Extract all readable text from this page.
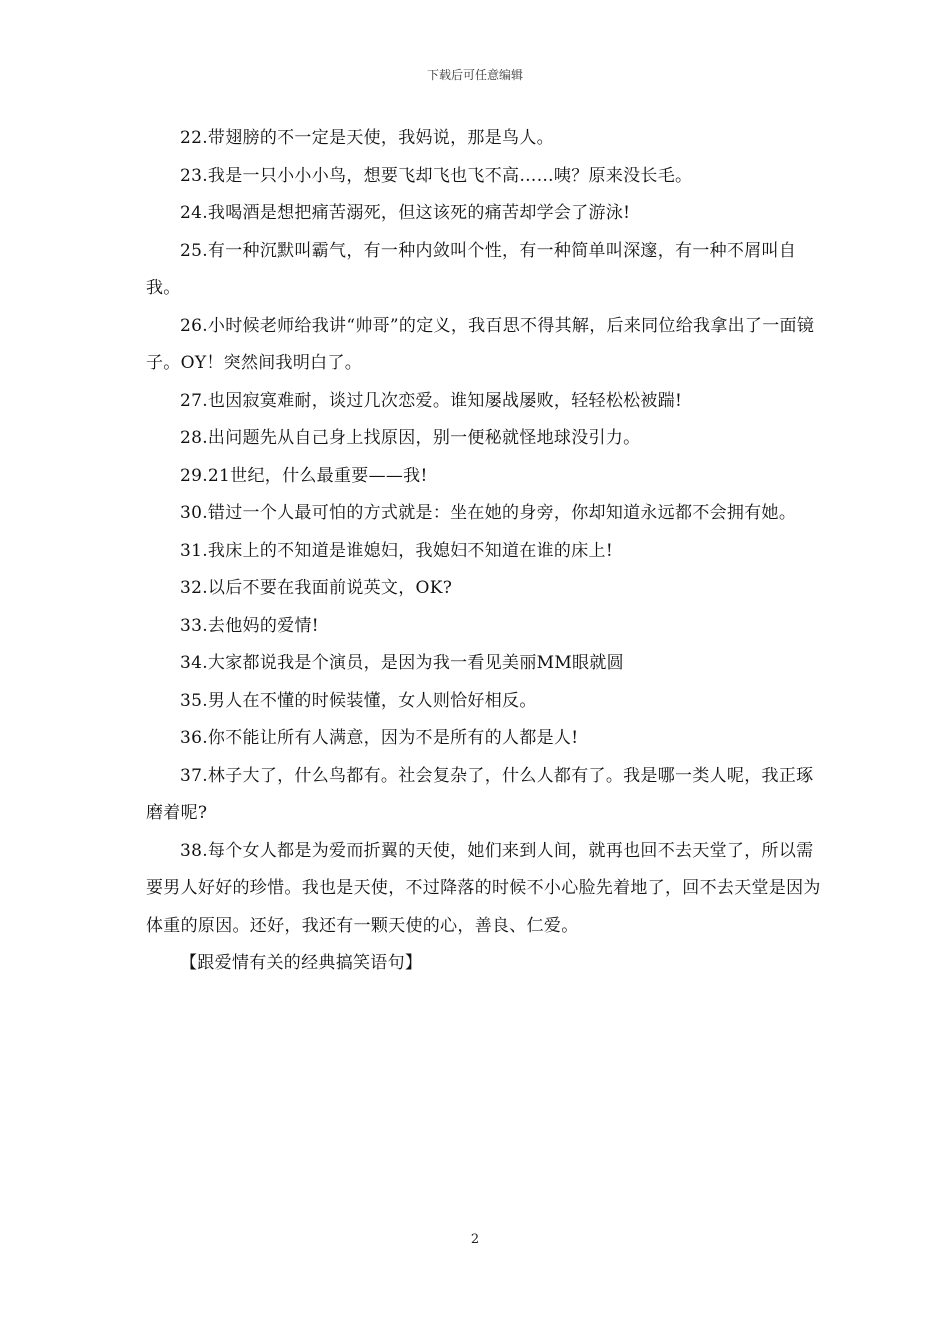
下载后可任意编辑

22.带翅膀的不一定是天使，我妈说，那是鸟人。

23.我是一只小小小鸟，想要飞却飞也飞不高……咦？原来没长毛。

24.我喝酒是想把痛苦溺死，但这该死的痛苦却学会了游泳!

25.有一种沉默叫霸气，有一种内敛叫个性，有一种简单叫深邃，有一种不屑叫自我。

26.小时候老师给我讲“帅哥”的定义，我百思不得其解，后来同位给我拿出了一面镜子。OY！突然间我明白了。

27.也因寂寞难耐，谈过几次恋爱。谁知屡战屡败，轻轻松松被踹!

28.出问题先从自己身上找原因，别一便秘就怪地球没引力。

29.21世纪，什么最重要——我!

30.错过一个人最可怕的方式就是：坐在她的身旁，你却知道永远都不会拥有她。

31.我床上的不知道是谁媳妇，我媳妇不知道在谁的床上!

32.以后不要在我面前说英文，OK?

33.去他妈的爱情!

34.大家都说我是个演员，是因为我一看见美丽MM眼就圆

35.男人在不懂的时候装懂，女人则恰好相反。

36.你不能让所有人满意，因为不是所有的人都是人!

37.林子大了，什么鸟都有。社会复杂了，什么人都有了。我是哪一类人呢，我正琢磨着呢?

38.每个女人都是为爱而折翼的天使，她们来到人间，就再也回不去天堂了，所以需要男人好好的珍惜。我也是天使，不过降落的时候不小心脸先着地了，回不去天堂是因为体重的原因。还好，我还有一颗天使的心，善良、仁爱。

【跟爱情有关的经典搞笑语句】

2
